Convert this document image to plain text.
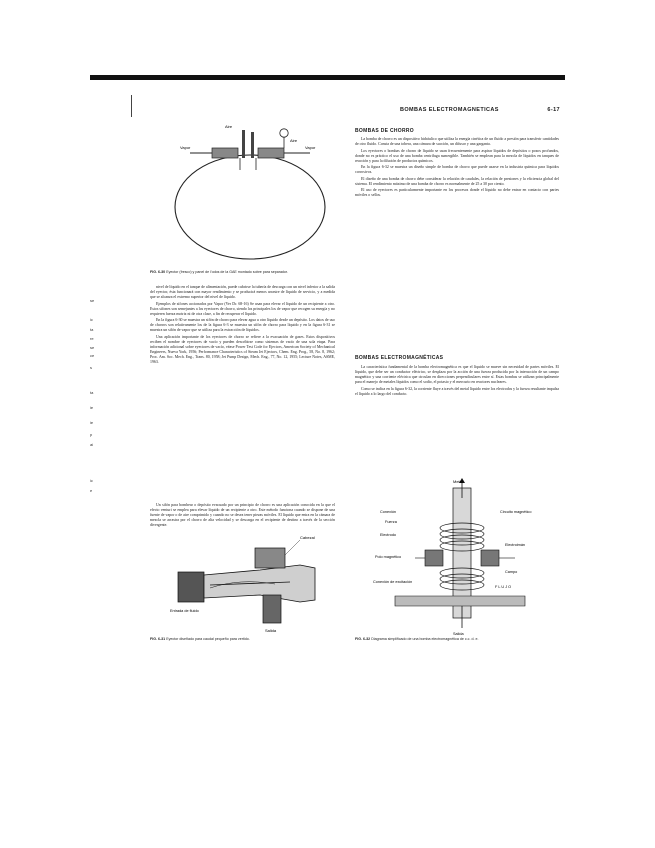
BOMBAS ELECTROMAGNETICAS	6-17
Aire
Aire
Vapor	Vapor
FIG. 6-30 Eyector (fresco) y panel de l'odos de la GAE montado sobre para separador.

nivel de líquido en el tanque de alimentación, puede cubrirse la tubería de descarga con un nivel inferior a la salida del eyector, ésta funcionará con mayor rendimiento y se producirá menos arrastre de líquido de servicio, y a medida que se alcanza el extremo superior del nivel de líquido.

Ejemplos de sifones accionados por Vapor (Ver Dr. 68-16) Se usan para elevar el líquido de un recipiente a otro. Estos sifones son semejantes a los eyectores de chorro, siendo los principales los de vapor que recogen su energía y no requieren fuerza motriz ni de otra clase, a fin de recuperar el líquido.

En la figura 6-30 se muestra un sifón de chorro para elevar agua u otro líquido desde un depósito. Los datos de uso de chorros son relativamente los de la figura 6-3 se muestra un sifón de chorro para líquido y en la figura 6-31 se muestra un sifón de vapor que se utiliza para la extracción de líquidos.

Una aplicación importante de los eyectores de chorro se refiere a la evacuación de gases. Estos dispositivos reciben el nombre de eyectores de vacío y pueden describirse como sistemas de vacío de una sola etapa. Para información adicional sobre eyectores de vacío, véase Power Test Code for Ejectors, American Society of Mechanical Engineers, Nueva York, 1956; Performance Characteristics of Steam Jet Ejectors, Chem. Eng. Prog., 58, No. 8, 1962; Proc. Am. Soc. Mech. Eng., Trans. 80, 1958; Jet Pump Design, Mech. Eng., 77, No. 12, 1955; Lecture Notes, ASME, 1963.

Un sifón para bombear o depósito evacuado por un principio de chorro es una aplicación conocida en la que el efecto venturi se emplea para elevar líquido de un recipiente a otro. Este método funciona cuando se dispone de una fuente de vapor o de aire comprimido y cuando no se desea tener piezas móviles. El líquido que entra en la cámara de mezcla se arrastra por el chorro de alta velocidad y se descarga en el recipiente de destino a través de la sección divergente.

Cabezal
Entrada de fluido
Salida
FIG. 6-31 Eyector diseñado para caudal pequeño para vertido.
BOMBAS DE CHORRO

La bomba de chorro es un dispositivo hidráulico que utiliza la energía cinética de un fluido a presión para transferir cantidades de otro fluido. Consta de una tobera, una cámara de succión, un difusor y una garganta.

Los eyectores o bombas de chorro de líquido se usan frecuentemente para aspirar líquidos de depósitos o pozos profundos, donde no es práctico el uso de una bomba centrífuga sumergible. También se emplean para la mezcla de líquidos en tanques de reacción y para la dilución de productos químicos.

En la figura 6-32 se muestra un diseño simple de bomba de chorro que puede usarse en la industria química para líquidos corrosivos.

El diseño de una bomba de chorro debe considerar la relación de caudales, la relación de presiones y la eficiencia global del sistema. El rendimiento máximo de una bomba de chorro es normalmente de 25 a 30 por ciento.

El uso de eyectores es particularmente importante en los procesos donde el líquido no debe entrar en contacto con partes móviles o sellos.

BOMBAS ELECTROMAGNÉTICAS

La característica fundamental de la bomba electromagnética es que el líquido se mueve sin necesidad de partes móviles. El líquido, que debe ser un conductor eléctrico, se desplaza por la acción de una fuerza producida por la interacción de un campo magnético y una corriente eléctrica que circulan en direcciones perpendiculares entre sí. Estas bombas se utilizan principalmente para el manejo de metales líquidos como el sodio, el potasio y el mercurio en reactores nucleares.

Como se indica en la figura 6-32, la corriente fluye a través del metal líquido entre los electrodos y la fuerza resultante impulsa el líquido a lo largo del conducto.

Metal
Conexión
Fuerza
Electrodo
Circuito magnético
Polo magnético
Electroimán
Conexión de excitación
F L U J O
Campo
Salida
FIG. 6-32 Diagrama simplificado de una bomba electromagnética de c.c. d. e.
se
ic
ta
re
se
ce
s
ta
ie
ie
p
ai
ic
e
